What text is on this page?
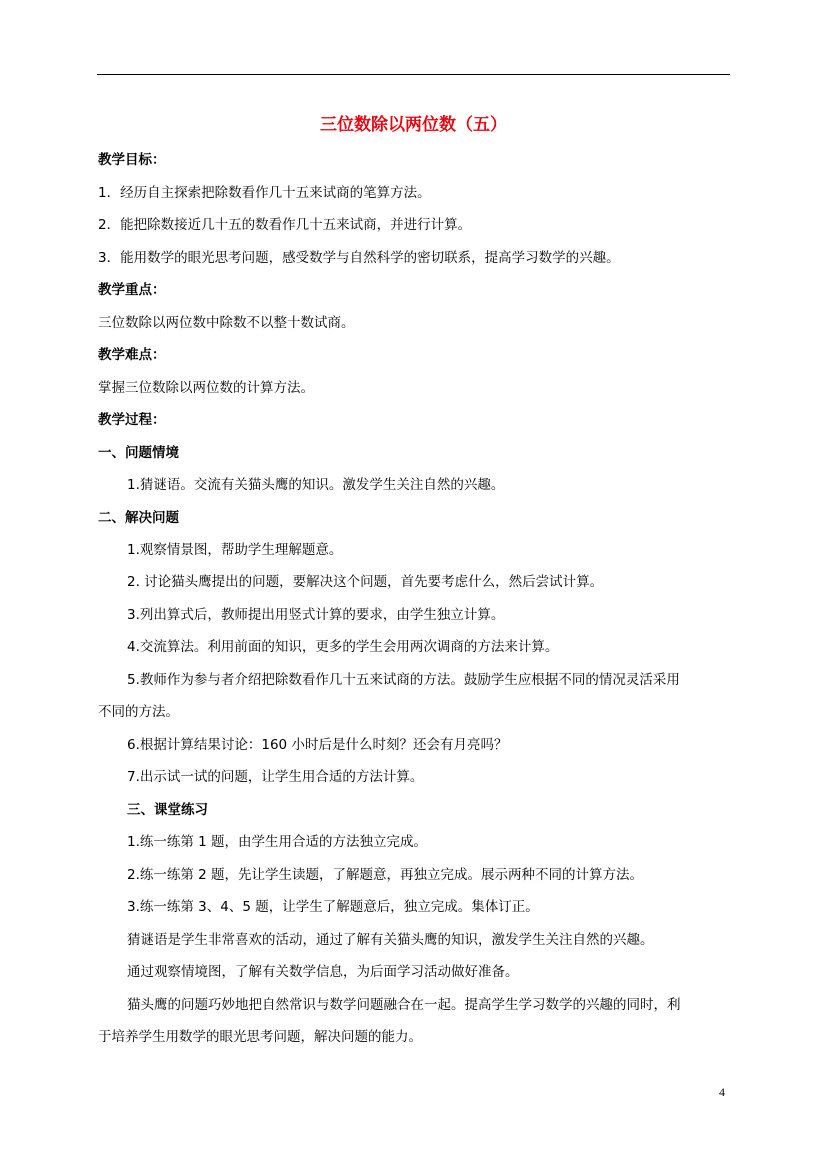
三位数除以两位数（五）
教学目标：
1．经历自主探索把除数看作几十五来试商的笔算方法。
2．能把除数接近几十五的数看作几十五来试商，并进行计算。
3．能用数学的眼光思考问题，感受数学与自然科学的密切联系，提高学习数学的兴趣。
教学重点：
三位数除以两位数中除数不以整十数试商。
教学难点：
掌握三位数除以两位数的计算方法。
教学过程：
一、问题情境
1.猜谜语。交流有关猫头鹰的知识。激发学生关注自然的兴趣。
二、解决问题
1.观察情景图，帮助学生理解题意。
2. 讨论猫头鹰提出的问题，要解决这个问题，首先要考虑什么，然后尝试计算。
3.列出算式后，教师提出用竖式计算的要求，由学生独立计算。
4.交流算法。利用前面的知识，更多的学生会用两次调商的方法来计算。
5.教师作为参与者介绍把除数看作几十五来试商的方法。鼓励学生应根据不同的情况灵活采用
不同的方法。
6.根据计算结果讨论：160 小时后是什么时刻？还会有月亮吗？
7.出示试一试的问题，让学生用合适的方法计算。
三、课堂练习
1.练一练第 1 题，由学生用合适的方法独立完成。
2.练一练第 2 题，先让学生读题，了解题意，再独立完成。展示两种不同的计算方法。
3.练一练第 3、4、5 题，让学生了解题意后，独立完成。集体订正。
猜谜语是学生非常喜欢的活动，通过了解有关猫头鹰的知识，激发学生关注自然的兴趣。
通过观察情境图，了解有关数学信息，为后面学习活动做好准备。
猫头鹰的问题巧妙地把自然常识与数学问题融合在一起。提高学生学习数学的兴趣的同时，利
于培养学生用数学的眼光思考问题，解决问题的能力。
4
